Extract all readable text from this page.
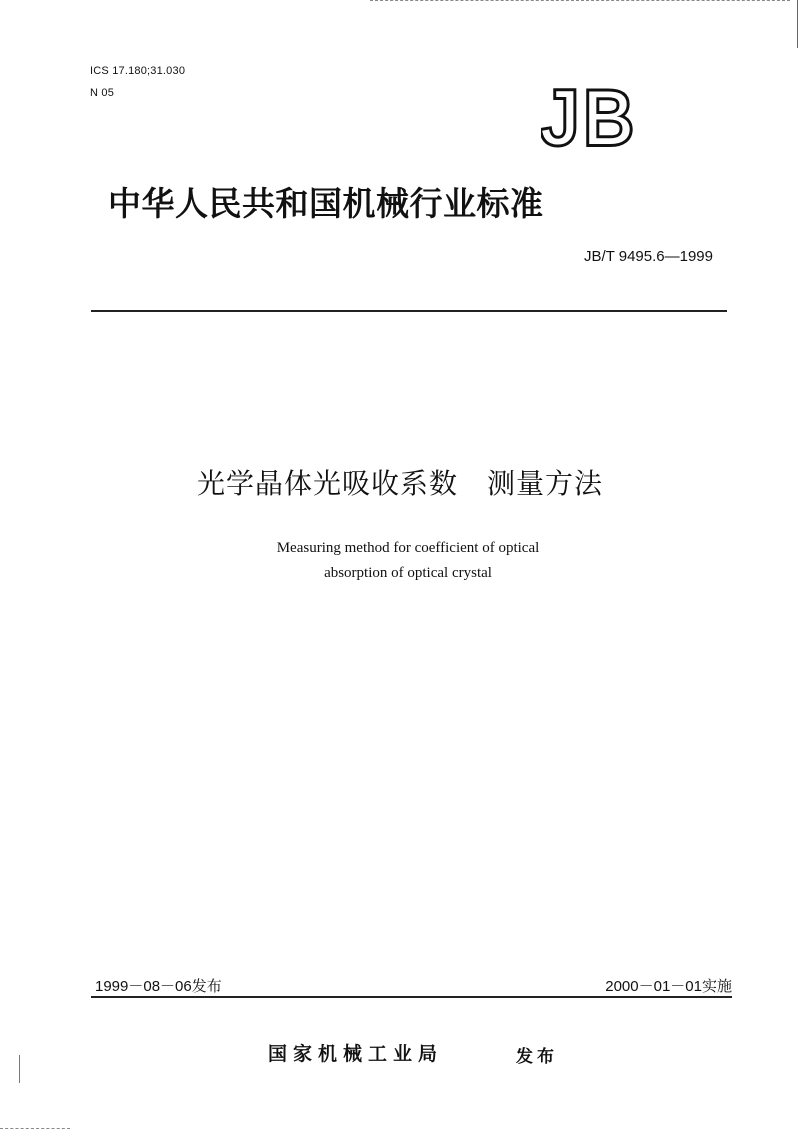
ICS 17.180;31.030
N 05	JB
中华人民共和国机械行业标准
JB/T 9495.6—1999
光学晶体光吸收系数　测量方法
Measuring method for coefficient of optical
absorption of optical crystal
1999－08－06发布	2000－01－01实施
国家机械工业局	发布
